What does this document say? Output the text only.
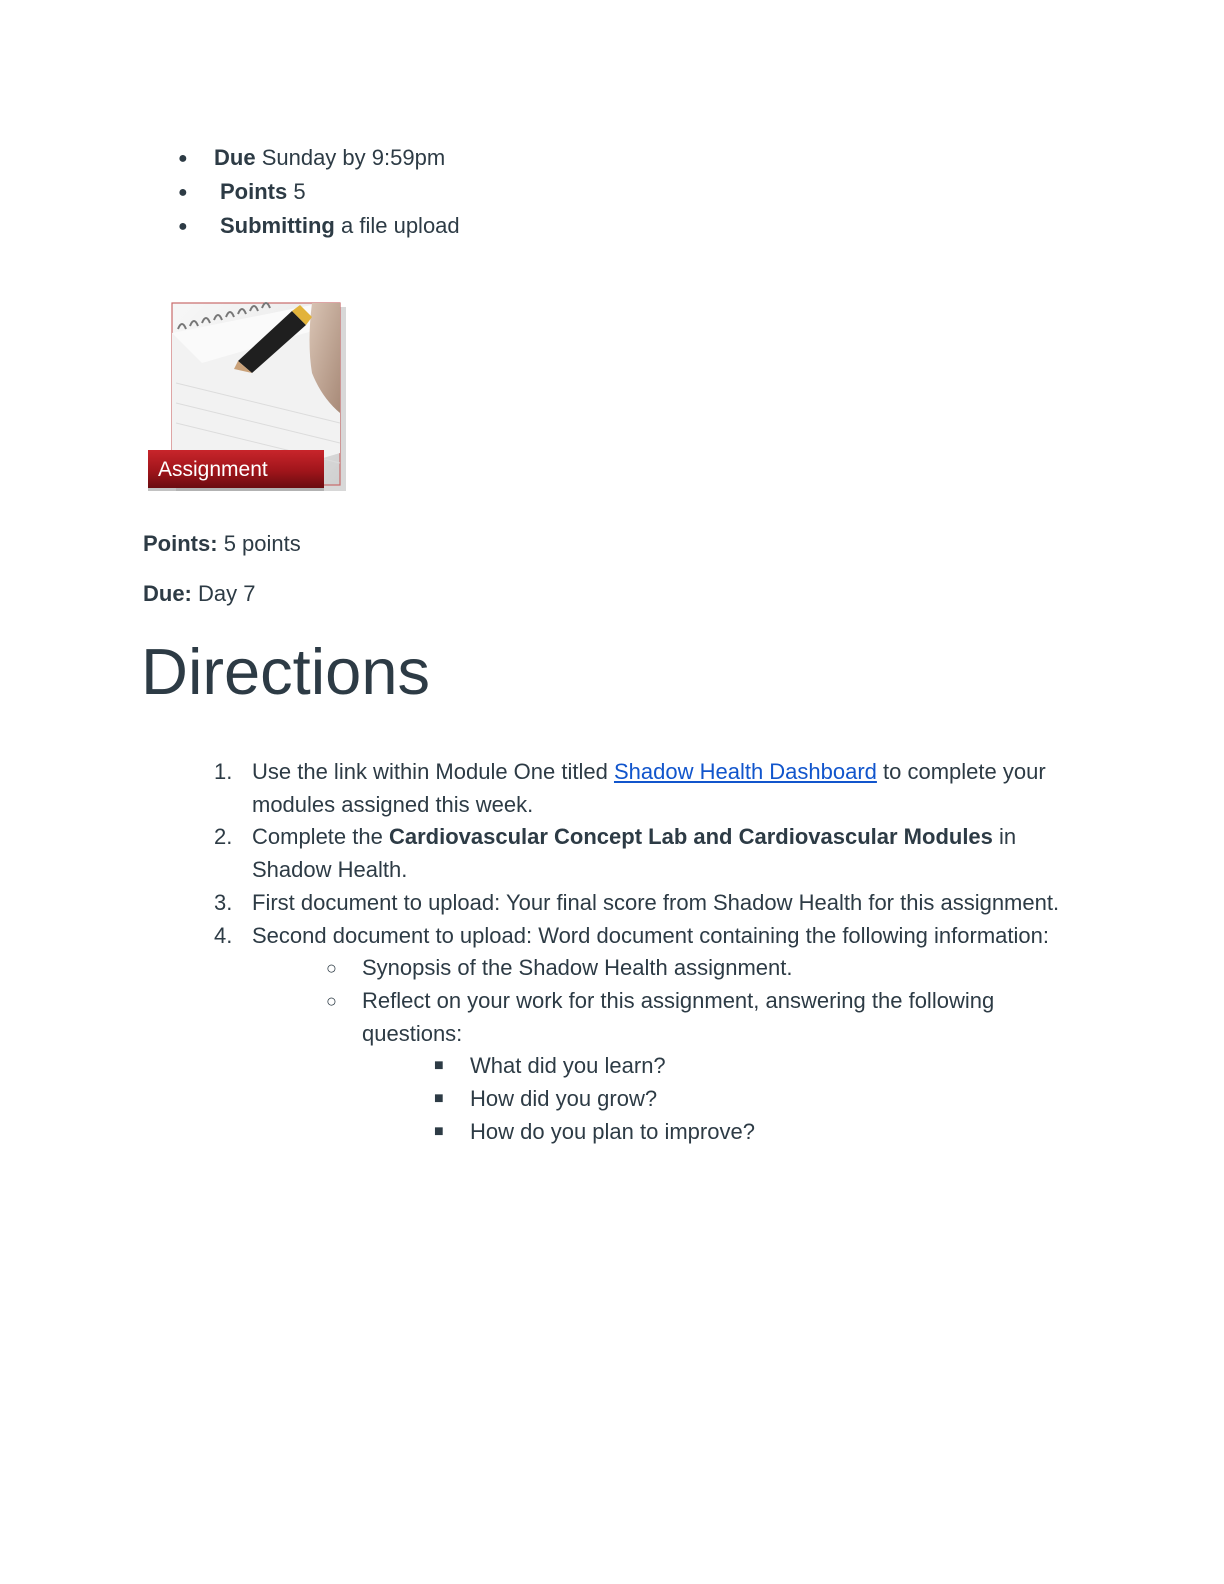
● Due Sunday by 9:59pm
● Points 5
● Submitting a file upload
Assignment
Points: 5 points
Due: Day 7
Directions
1. Use the link within Module One titled Shadow Health Dashboard to complete your modules assigned this week.
2. Complete the Cardiovascular Concept Lab and Cardiovascular Modules in Shadow Health.
3. First document to upload: Your final score from Shadow Health for this assignment.
4. Second document to upload: Word document containing the following information:
○ Synopsis of the Shadow Health assignment.
○ Reflect on your work for this assignment, answering the following questions:
■ What did you learn?
■ How did you grow?
■ How do you plan to improve?
